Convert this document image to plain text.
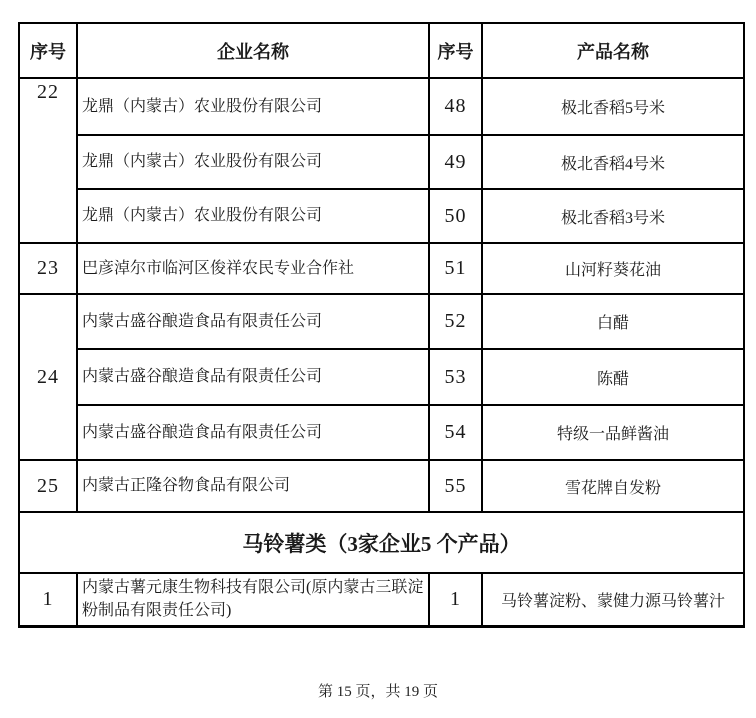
序号	企业名称	序号	产品名称
22	龙鼎（内蒙古）农业股份有限公司	48	极北香稻5号米
	龙鼎（内蒙古）农业股份有限公司	49	极北香稻4号米
	龙鼎（内蒙古）农业股份有限公司	50	极北香稻3号米
23	巴彦淖尔市临河区俊祥农民专业合作社	51	山河籽葵花油
24	内蒙古盛谷酿造食品有限责任公司	52	白醋
	内蒙古盛谷酿造食品有限责任公司	53	陈醋
	内蒙古盛谷酿造食品有限责任公司	54	特级一品鲜酱油
25	内蒙古正隆谷物食品有限公司	55	雪花牌自发粉
马铃薯类（3家企业5 个产品）			
1	内蒙古薯元康生物科技有限公司(原内蒙古三联淀粉制品有限责任公司)	1	马铃薯淀粉、蒙健力源马铃薯汁
第 15 页，共 19 页
